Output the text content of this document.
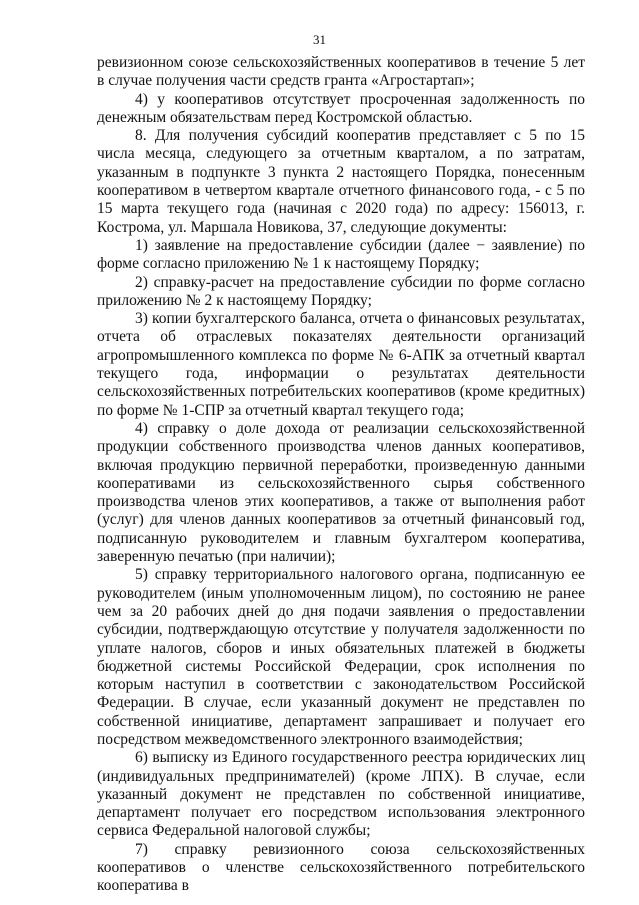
31

ревизионном союзе сельскохозяйственных кооперативов в течение 5 лет в случае получения части средств гранта «Агростартап»;

4) у кооперативов отсутствует просроченная задолженность по денежным обязательствам перед Костромской областью.

8. Для получения субсидий кооператив представляет с 5 по 15 числа месяца, следующего за отчетным кварталом, а по затратам, указанным в подпункте 3 пункта 2 настоящего Порядка, понесенным кооперативом в четвертом квартале отчетного финансового года, - с 5 по 15 марта текущего года (начиная с 2020 года) по адресу: 156013, г. Кострома, ул. Маршала Новикова, 37, следующие документы:

1) заявление на предоставление субсидии (далее − заявление) по форме согласно приложению № 1 к настоящему Порядку;

2) справку-расчет на предоставление субсидии по форме согласно приложению № 2 к настоящему Порядку;

3) копии бухгалтерского баланса, отчета о финансовых результатах, отчета об отраслевых показателях деятельности организаций агропромышленного комплекса по форме № 6-АПК за отчетный квартал текущего года, информации о результатах деятельности сельскохозяйственных потребительских кооперативов (кроме кредитных) по форме № 1-СПР за отчетный квартал текущего года;

4) справку о доле дохода от реализации сельскохозяйственной продукции собственного производства членов данных кооперативов, включая продукцию первичной переработки, произведенную данными кооперативами из сельскохозяйственного сырья собственного производства членов этих кооперативов, а также от выполнения работ (услуг) для членов данных кооперативов за отчетный финансовый год, подписанную руководителем и главным бухгалтером кооператива, заверенную печатью (при наличии);

5) справку территориального налогового органа, подписанную ее руководителем (иным уполномоченным лицом), по состоянию не ранее чем за 20 рабочих дней до дня подачи заявления о предоставлении субсидии, подтверждающую отсутствие у получателя задолженности по уплате налогов, сборов и иных обязательных платежей в бюджеты бюджетной системы Российской Федерации, срок исполнения по которым наступил в соответствии с законодательством Российской Федерации. В случае, если указанный документ не представлен по собственной инициативе, департамент запрашивает и получает его посредством межведомственного электронного взаимодействия;

6) выписку из Единого государственного реестра юридических лиц (индивидуальных предпринимателей) (кроме ЛПХ). В случае, если указанный документ не представлен по собственной инициативе, департамент получает его посредством использования электронного сервиса Федеральной налоговой службы;

7) справку ревизионного союза сельскохозяйственных кооперативов о членстве сельскохозяйственного потребительского кооператива в
